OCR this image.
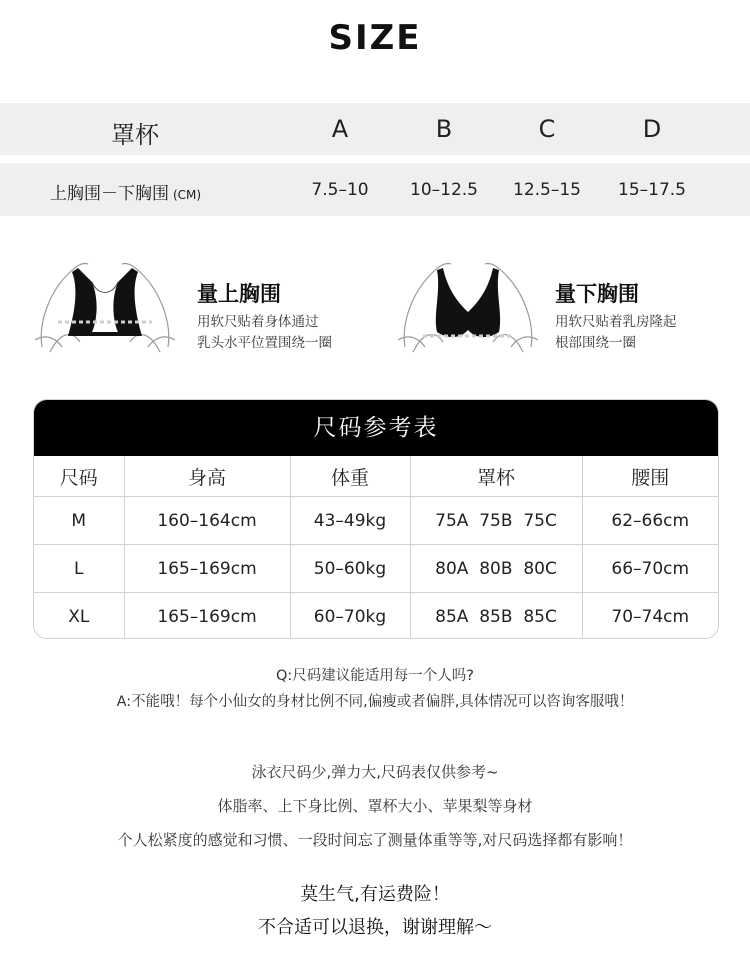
SIZE
罩杯	A	B	C	D
上胸围－下胸围 (CM)	7.5–10	10–12.5	12.5–15	15–17.5
量上胸围
用软尺贴着身体通过
乳头水平位置围绕一圈
量下胸围
用软尺贴着乳房隆起
根部围绕一圈
尺码参考表
尺码	身高	体重	罩杯	腰围
M	160–164cm	43–49kg	75A  75B  75C	62–66cm
L	165–169cm	50–60kg	80A  80B  80C	66–70cm
XL	165–169cm	60–70kg	85A  85B  85C	70–74cm
Q:尺码建议能适用每一个人吗?
A:不能哦！每个小仙女的身材比例不同,偏瘦或者偏胖,具体情况可以咨询客服哦！
泳衣尺码少,弹力大,尺码表仅供参考~
体脂率、上下身比例、罩杯大小、苹果梨等身材
个人松紧度的感觉和习惯、一段时间忘了测量体重等等,对尺码选择都有影响！
莫生气,有运费险！
不合适可以退换，谢谢理解～
